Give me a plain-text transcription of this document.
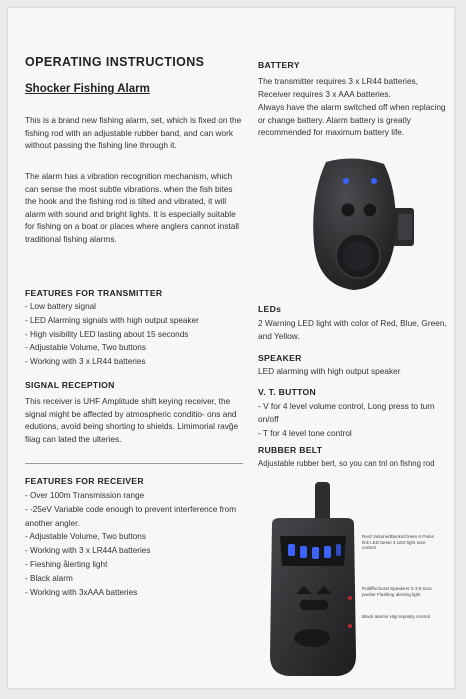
OPERATING INSTRUCTIONS
Shocker Fishing Alarm
This is a brand new fishing alarm, set, which is fixed on the fishing rod with an adjustable rubber band, and can work without passing the fishing line through it.
The alarm has a vibration recognition mechanism, which can sense the most subtle vibrations. when the fish bites the hook and the fishing rod is tilted and vibrated, it will alarm with sound and bright lights. It is especially suitable for fishing on a boat or places where anglers cannot install traditional fishing alarms.
FEATURES FOR TRANSMITTER
- Low battery signal
- LED Alarming signals with high output speaker
- High visibility LED lasting about 15 seconds
- Adjustable Volume, Two buttons
- Working with 3 x LR44 batteries
SIGNAL RECEPTION
This receiver is UHF Amplitude shift keying receiver, the signal might be affected by atmospheric conditio- ons and edutions, avoid being shorting to shields. Limimorial ravğe fiiag can lated the ulteries.
FEATURES FOR RECEIVER
- Over 100m Transmission range
- -25eV Variable code enough to prevent interference from another angler.
- Adjustable Volume, Two buttons
- Working with 3 x LR44A batteries
- Fieshing ålerting light
- Black alarm
- Working with 3xAAA batteries
BATTERY
The transmitter requires 3 x LR44 batteries, Receiver requires 3 x AAA batteries.
Always have the alarm switched off when replacing or change battery. Alarm battery is greatly recommended for maximum battery life.
LEDs
2 Warning LED light with color of Red, Blue, Green, and Yellow.
SPEAKER
LED alarming with high output speaker
V. T. BUTTON
- V for 4 level volume control, Long press to turn on/off
- T for 4 level tone control
RUBBER BELT
Adjustable rubber bert, so you can tnl on fishng rod
Reof Volume/Blucks/Green 6 Panis link LED beset 4 LED light sore control
Poldffechural Speakers X 3,9 sonc poelier Flashing alerting light
Black alarms Higi reposity control
